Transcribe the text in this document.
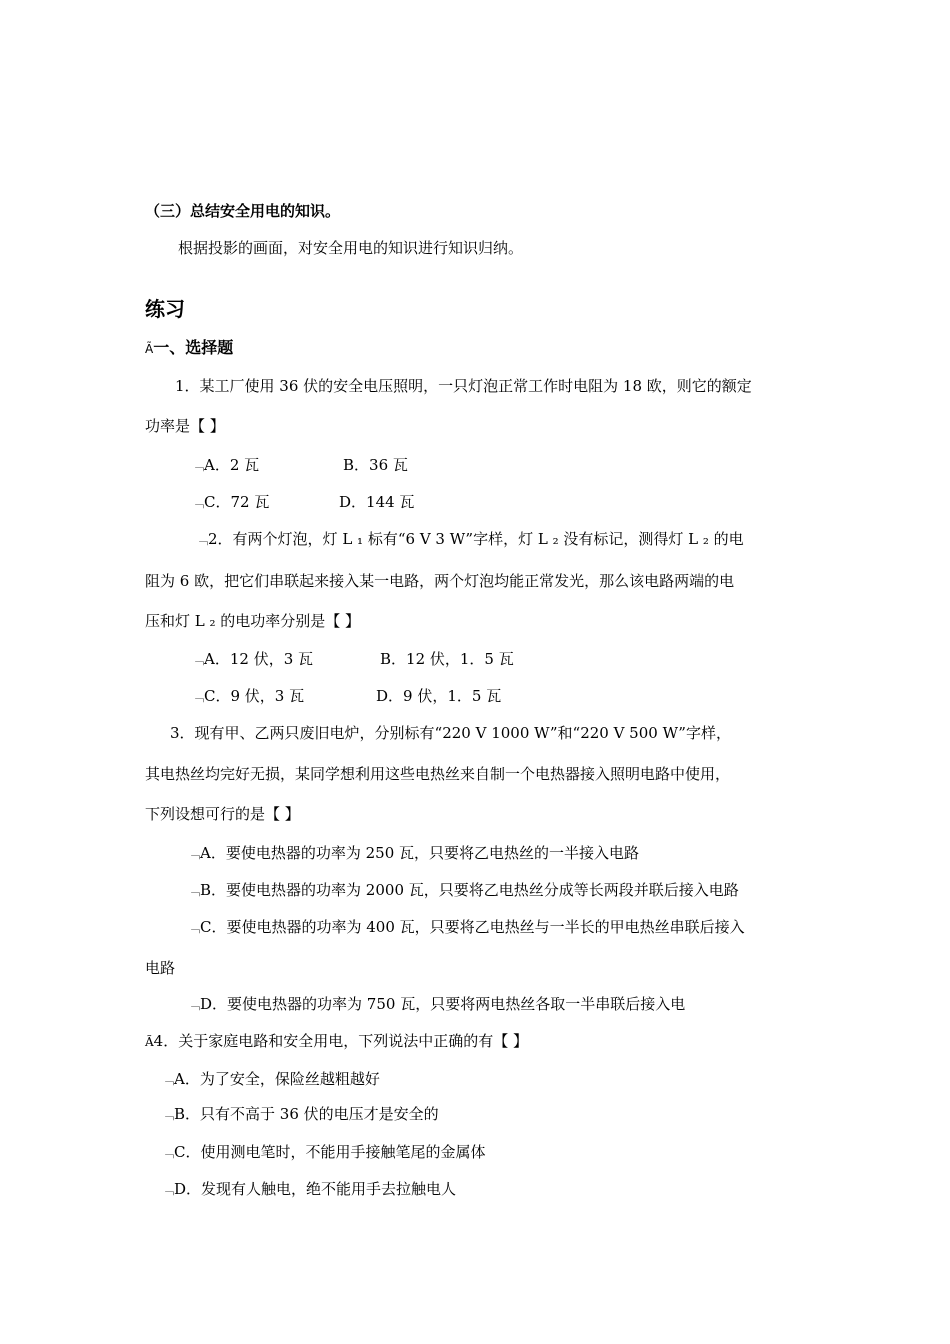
（三）总结安全用电的知识。
根据投影的画面，对安全用电的知识进行知识归纳。
练习
Ã一、选择题
1．某工厂使用 36 伏的安全电压照明，一只灯泡正常工作时电阻为 18 欧，则它的额定
功率是【 】
﹁A．2 瓦	B．36 瓦
﹁C．72 瓦	D．144 瓦
﹁2．有两个灯泡，灯 L ₁ 标有“6 V 3 W”字样，灯 L ₂ 没有标记，测得灯 L ₂ 的电
阻为 6 欧，把它们串联起来接入某一电路，两个灯泡均能正常发光，那么该电路两端的电
压和灯 L ₂ 的电功率分别是【 】
﹁A．12 伏，3 瓦	B．12 伏，1．5 瓦
﹁C．9 伏，3 瓦	D．9 伏，1．5 瓦
3．现有甲、乙两只废旧电炉，分别标有“220 V 1000 W”和“220 V 500 W”字样，
其电热丝均完好无损，某同学想利用这些电热丝来自制一个电热器接入照明电路中使用，
下列设想可行的是【 】
﹁A．要使电热器的功率为 250 瓦，只要将乙电热丝的一半接入电路
﹁B．要使电热器的功率为 2000 瓦，只要将乙电热丝分成等长两段并联后接入电路
﹁C．要使电热器的功率为 400 瓦，只要将乙电热丝与一半长的甲电热丝串联后接入
电路
﹁D．要使电热器的功率为 750 瓦，只要将两电热丝各取一半串联后接入电
Ã4．关于家庭电路和安全用电，下列说法中正确的有【 】
﹁A．为了安全，保险丝越粗越好
﹁B．只有不高于 36 伏的电压才是安全的
﹁C．使用测电笔时，不能用手接触笔尾的金属体
﹁D．发现有人触电，绝不能用手去拉触电人
